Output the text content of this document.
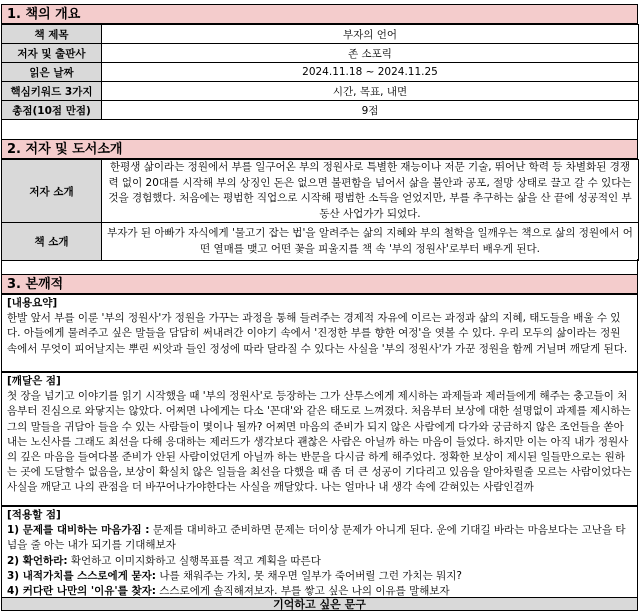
1. 책의 개요
책 제목	부자의 언어
저자 및 출판사	존 소포릭
읽은 날짜	2024.11.18 ~ 2024.11.25
핵심키워드 3가지	시간, 목표, 내면
총점(10점 만점)	9점
2. 저자 및 도서소개
저자 소개	한평생 삶이라는 정원에서 부를 일구어온 부의 정원사로 특별한 재능이나 저문 기술, 뛰어난 학력 등 차별화된 경쟁력 없이 20대를 시작해 부의 상징인 돈은 없으면 불편함을 넘어서 삶을 불안과 공포, 절망 상태로 끌고 갈 수 있다는 것을 경험했다. 처음에는 평범한 직업으로 시작해 평범한 소득을 얻었지만, 부를 추구하는 삶을 산 끝에 성공적인 부동산 사업가가 되었다.
책 소개	부자가 된 아빠가 자식에게 '물고기 잡는 법'을 알려주는 삶의 지혜와 부의 철학을 일깨우는 책으로 삶의 정원에서 어떤 열매를 맺고 어떤 꽃을 피울지를 책 속 '부의 정원사'로부터 배우게 된다.
3. 본깨적
[내용요약]
한발 앞서 부를 이룬 '부의 정원사'가 정원을 가꾸는 과정을 통해 들려주는 경제적 자유에 이르는 과정과 삶의 지혜, 태도들을 배울 수 있다. 아들에게 물려주고 싶은 말들을 담담히 써내려간 이야기 속에서 '진정한 부를 향한 여정'을 엿볼 수 있다. 우리 모두의 삶이라는 정원 속에서 무엇이 피어날지는 뿌린 씨앗과 들인 정성에 따라 달라질 수 있다는 사실을 '부의 정원사'가 가꾼 정원을 함께 거닐며 깨닫게 된다.
[깨달은 점]
첫 장을 넘기고 이야기를 읽기 시작했을 때 '부의 정원사'로 등장하는 그가 산투스에게 제시하는 과제들과 제러들에게 해주는 충고들이 처음부터 진심으로 와닿지는 않았다. 어쩌면 나에게는 다소 '꼰대'와 같은 태도로 느껴졌다. 처음부터 보상에 대한 설명없이 과제를 제시하는 그의 말들을 귀담아 들을 수 있는 사람들이 몇이나 될까? 어쩌면 마음의 준비가 되지 않은 사람에게 다가와 궁금하지 않은 조언들을 쏟아내는 노신사를 그래도 최선을 다해 응대하는 제러드가 생각보다 괜찮은 사람은 아닐까 하는 마음이 들었다. 하지만 이는 아직 내가 정원사의 깊은 마음을 들여다볼 준비가 안된 사람이었던게 아닐까 하는 반문을 다시금 하게 해주었다. 정확한 보상이 제시된 일들만으로는 원하는 곳에 도달할수 없음을, 보상이 확실치 않은 일들을 최선을 다했을 때 좀 더 큰 성공이 기다리고 있음을 알아차릴줄 모르는 사람이었다는 사실을 깨닫고 나의 관점을 더 바꾸어나가야한다는 사실을 깨달았다. 나는 얼마나 내 생각 속에 갇혀있는 사람인걸까
[적용할 점]
1) 문제를 대비하는 마음가짐 : 문제를 대비하고 준비하면 문제는 더이상 문제가 아니게 된다. 운에 기대길 바라는 마음보다는 고난을 타넘을 줄 아는 내가 되기를 기대해보자
2) 확언하라: 확언하고 이미지화하고 실행목표를 적고 계획을 따른다
3) 내적가치를 스스로에게 묻자: 나를 채워주는 가치, 못 채우면 일부가 죽어버릴 그런 가치는 뭐지?
4) 커다란 나만의 '이유'를 찾자: 스스로에게 솔직해져보자. 부를 쌓고 싶은 나의 이유를 말해보자
기억하고 싶은 문구
